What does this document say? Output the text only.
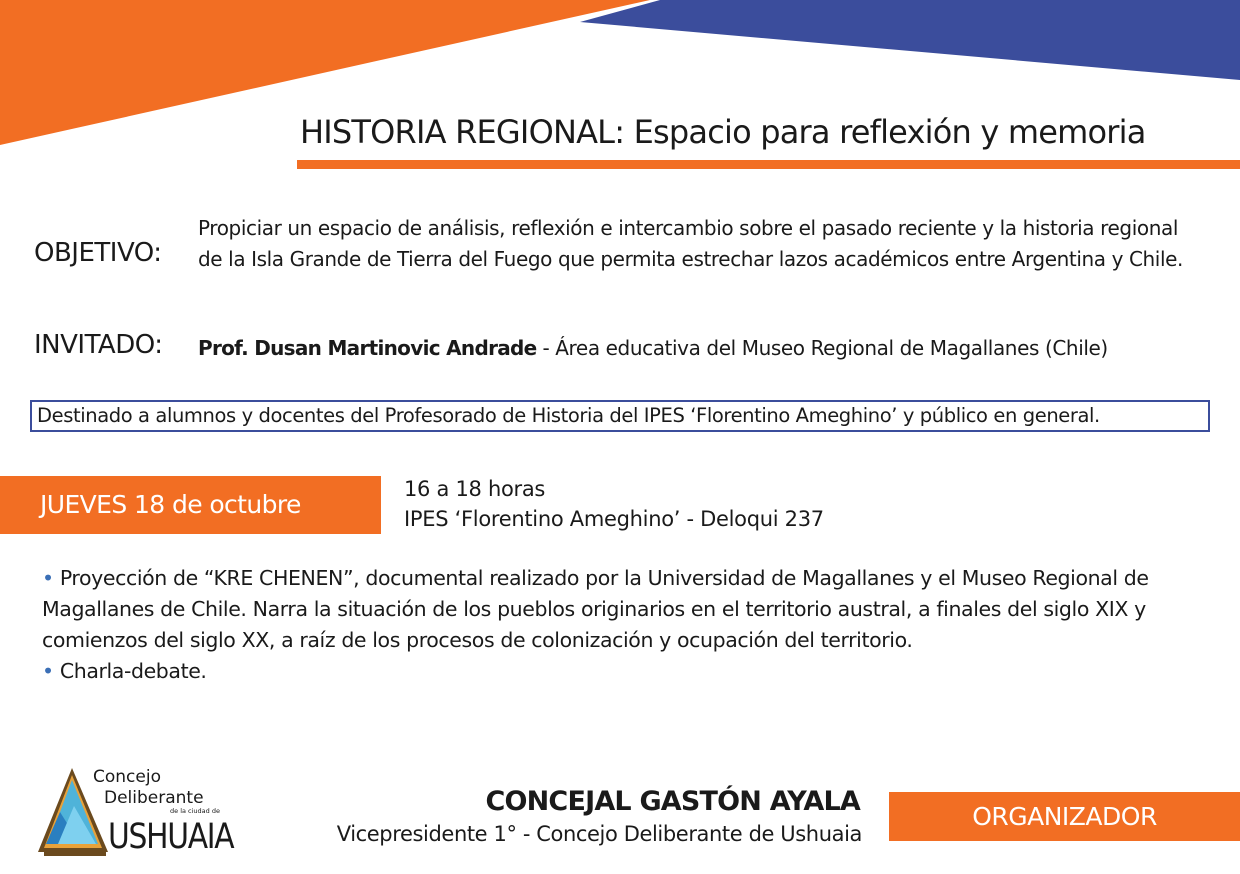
HISTORIA REGIONAL: Espacio para reflexión y memoria
OBJETIVO:
Propiciar un espacio de análisis, reflexión e intercambio sobre el pasado reciente y la historia regional de la Isla Grande de Tierra del Fuego que permita estrechar lazos académicos entre Argentina y Chile.
INVITADO: Prof. Dusan Martinovic Andrade - Área educativa del Museo Regional de Magallanes (Chile)
Destinado a alumnos y docentes del Profesorado de Historia del IPES ‘Florentino Ameghino’ y público en general.
JUEVES 18 de octubre
16 a 18 horas
IPES ‘Florentino Ameghino’ - Deloqui 237

• Proyección de “KRE CHENEN”, documental realizado por la Universidad de Magallanes y el Museo Regional de Magallanes de Chile. Narra la situación de los pueblos originarios en el territorio austral, a finales del siglo XIX y comienzos del siglo XX, a raíz de los procesos de colonización y ocupación del territorio.

• Charla-debate.

Concejo
Deliberante
de la ciudad de
USHUAIA
CONCEJAL GASTÓN AYALA
Vicepresidente 1° - Concejo Deliberante de Ushuaia
ORGANIZADOR
